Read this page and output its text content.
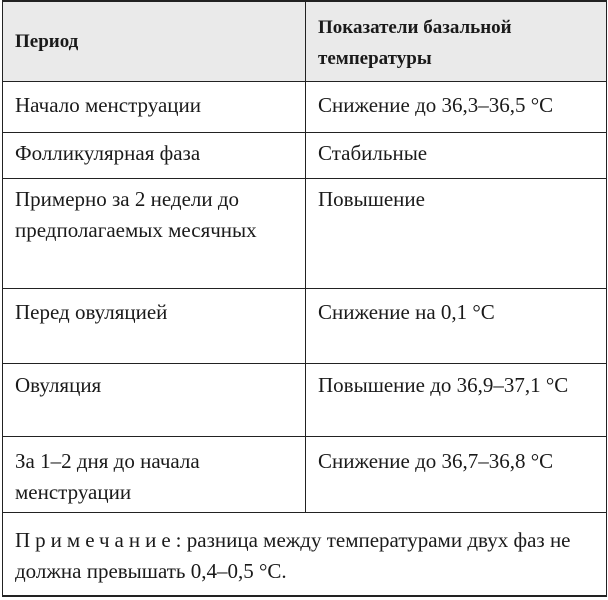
Период	Показатели базальной температуры
Начало менструации	Снижение до 36,3–36,5 °C
Фолликулярная фаза	Стабильные
Примерно за 2 недели до предполагаемых месячных	Повышение
Перед овуляцией	Снижение на 0,1 °C
Овуляция	Повышение до 36,9–37,1 °C
За 1–2 дня до начала менструации	Снижение до 36,7–36,8 °C
Примечание: разница между температурами двух фаз не должна превышать 0,4–0,5 °C.	
